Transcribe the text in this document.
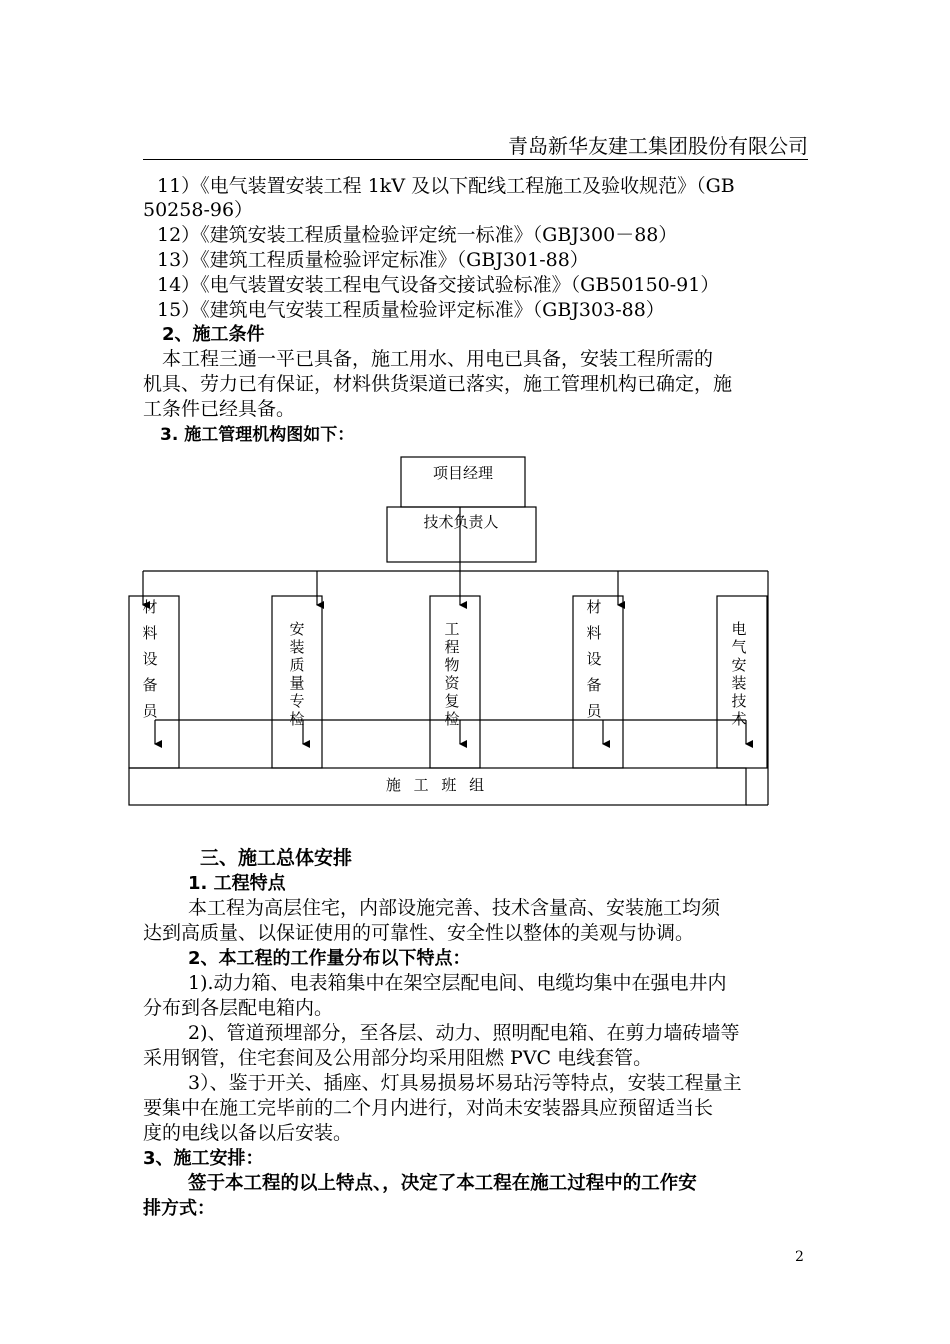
青岛新华友建工集团股份有限公司
11）《电气装置安装工程 1kV 及以下配线工程施工及验收规范》（GB
50258-96）
12）《建筑安装工程质量检验评定统一标准》（GBJ300－88）
13）《建筑工程质量检验评定标准》（GBJ301-88）
14）《电气装置安装工程电气设备交接试验标准》（GB50150-91）
15）《建筑电气安装工程质量检验评定标准》（GBJ303-88）
2、施工条件
本工程三通一平已具备，施工用水、用电已具备，安装工程所需的
机具、劳力已有保证，材料供货渠道已落实，施工管理机构已确定，施
工条件已经具备。
3. 施工管理机构图如下：
项目经理
技术负责人
施 工 班 组
材料设备员
安装质量专检
工程物资复检
材料设备员
电气安装技术
三、施工总体安排
1. 工程特点
本工程为高层住宅，内部设施完善、技术含量高、安装施工均须
达到高质量、以保证使用的可靠性、安全性以整体的美观与协调。
2、本工程的工作量分布以下特点：
1).动力箱、电表箱集中在架空层配电间、电缆均集中在强电井内
分布到各层配电箱内。
2)、管道预埋部分，至各层、动力、照明配电箱、在剪力墙砖墙等
采用钢管，住宅套间及公用部分均采用阻燃 PVC 电线套管。
3）、鉴于开关、插座、灯具易损易坏易玷污等特点，安装工程量主
要集中在施工完毕前的二个月内进行，对尚未安装器具应预留适当长
度的电线以备以后安装。
3、施工安排：
签于本工程的以上特点、，决定了本工程在施工过程中的工作安
排方式：
2
